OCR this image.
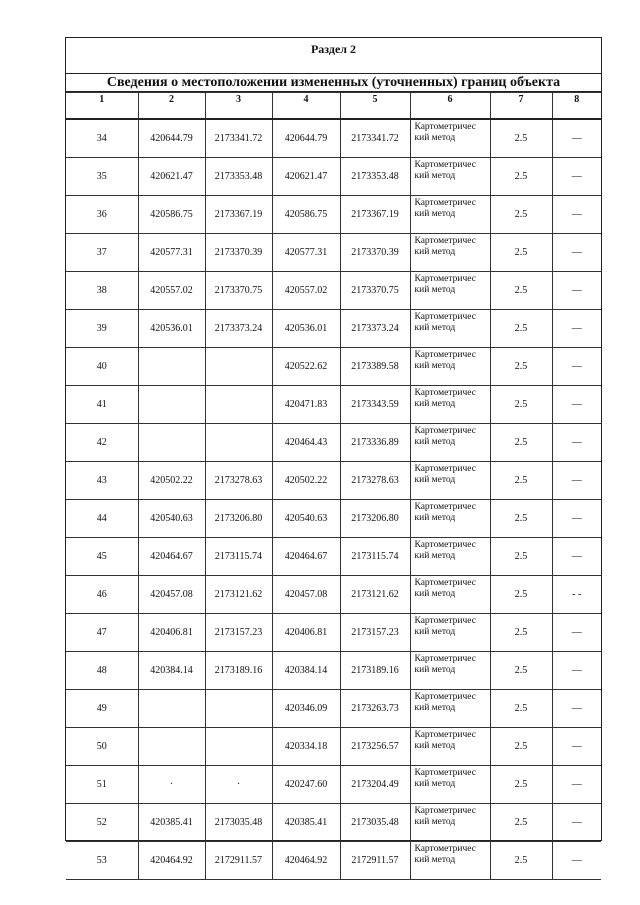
Раздел 2
Сведения о местоположении измененных (уточненных) границ объекта
1	2	3	4	5	6	7	8
34	420644.79	2173341.72	420644.79	2173341.72	Картометричес кий метод	2.5	—
35	420621.47	2173353.48	420621.47	2173353.48	Картометричес кий метод	2.5	—
36	420586.75	2173367.19	420586.75	2173367.19	Картометричес кий метод	2.5	—
37	420577.31	2173370.39	420577.31	2173370.39	Картометричес кий метод	2.5	—
38	420557.02	2173370.75	420557.02	2173370.75	Картометричес кий метод	2.5	—
39	420536.01	2173373.24	420536.01	2173373.24	Картометричес кий метод	2.5	—
40			420522.62	2173389.58	Картометричес кий метод	2.5	—
41			420471.83	2173343.59	Картометричес кий метод	2.5	—
42			420464.43	2173336.89	Картометричес кий метод	2.5	—
43	420502.22	2173278.63	420502.22	2173278.63	Картометричес кий метод	2.5	—
44	420540.63	2173206.80	420540.63	2173206.80	Картометричес кий метод	2.5	—
45	420464.67	2173115.74	420464.67	2173115.74	Картометричес кий метод	2.5	—
46	420457.08	2173121.62	420457.08	2173121.62	Картометричес кий метод	2.5	- -
47	420406.81	2173157.23	420406.81	2173157.23	Картометричес кий метод	2.5	—
48	420384.14	2173189.16	420384.14	2173189.16	Картометричес кий метод	2.5	—
49			420346.09	2173263.73	Картометричес кий метод	2.5	—
50			420334.18	2173256.57	Картометричес кий метод	2.5	—
51	·	·	420247.60	2173204.49	Картометричес кий метод	2.5	—
52	420385.41	2173035.48	420385.41	2173035.48	Картометричес кий метод	2.5	—
53	420464.92	2172911.57	420464.92	2172911.57	Картометричес кий метод	2.5	—
